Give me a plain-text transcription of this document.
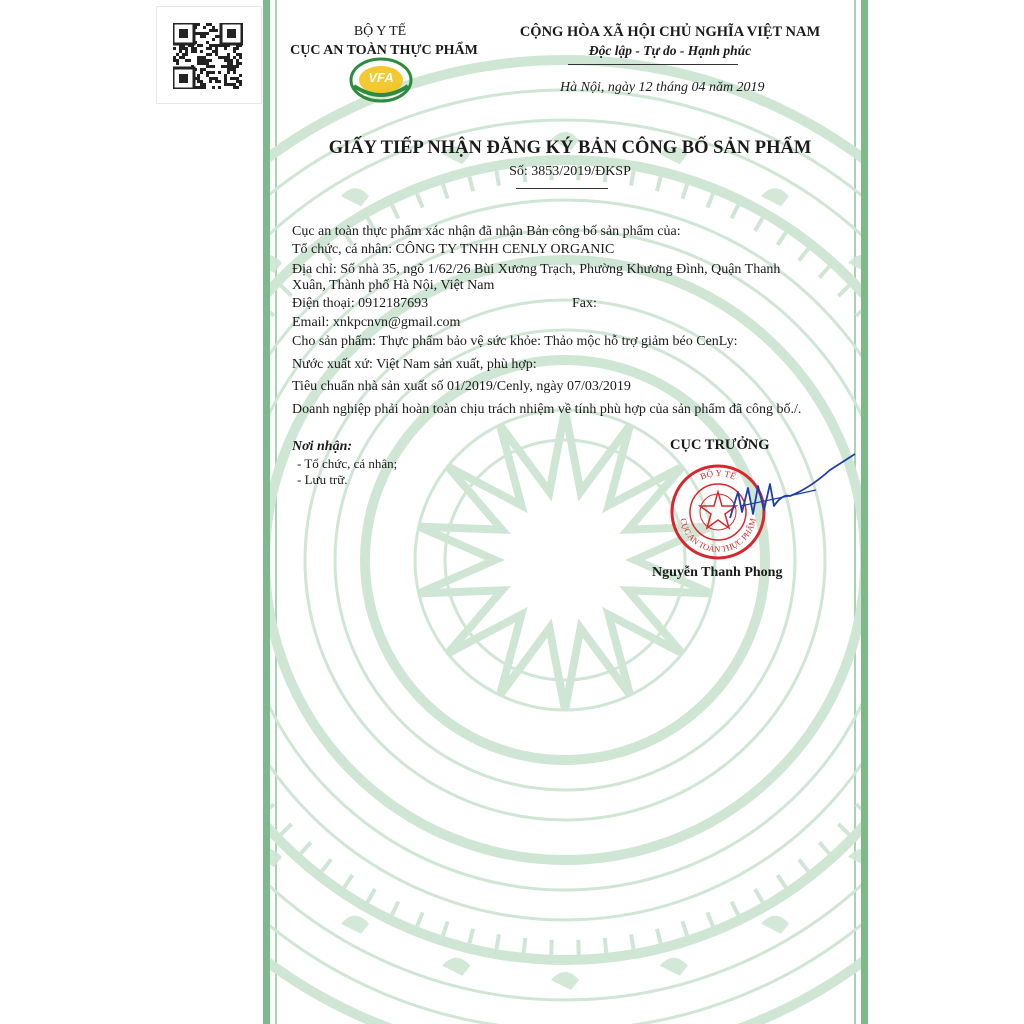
BỘ Y TẾ
CỤC AN TOÀN THỰC PHẨM
VFA
CỘNG HÒA XÃ HỘI CHỦ NGHĨA VIỆT NAM
Độc lập - Tự do - Hạnh phúc
Hà Nội, ngày 12 tháng 04 năm 2019
GIẤY TIẾP NHẬN ĐĂNG KÝ BẢN CÔNG BỐ SẢN PHẨM
Số: 3853/2019/ĐKSP
Cục an toàn thực phẩm xác nhận đã nhận Bản công bố sản phẩm của:
Tổ chức, cá nhân: CÔNG TY TNHH CENLY ORGANIC
Địa chỉ: Số nhà 35, ngõ 1/62/26 Bùi Xương Trạch, Phường Khương Đình, Quận Thanh
Xuân, Thành phố Hà Nội, Việt Nam
Điện thoại: 0912187693	Fax:
Email: xnkpcnvn@gmail.com
Cho sản phẩm: Thực phẩm bảo vệ sức khỏe: Thảo mộc hỗ trợ giảm béo CenLy:
Nước xuất xứ: Việt Nam sản xuất, phù hợp:
Tiêu chuẩn nhà sản xuất số 01/2019/Cenly, ngày 07/03/2019
Doanh nghiệp phải hoàn toàn chịu trách nhiệm về tính phù hợp của sản phẩm đã công bố./.
Nơi nhận:
- Tổ chức, cá nhân;
- Lưu trữ.
CỤC TRƯỞNG
BỘ Y TẾ
CỤC AN TOÀN THỰC PHẨM
Nguyễn Thanh Phong
